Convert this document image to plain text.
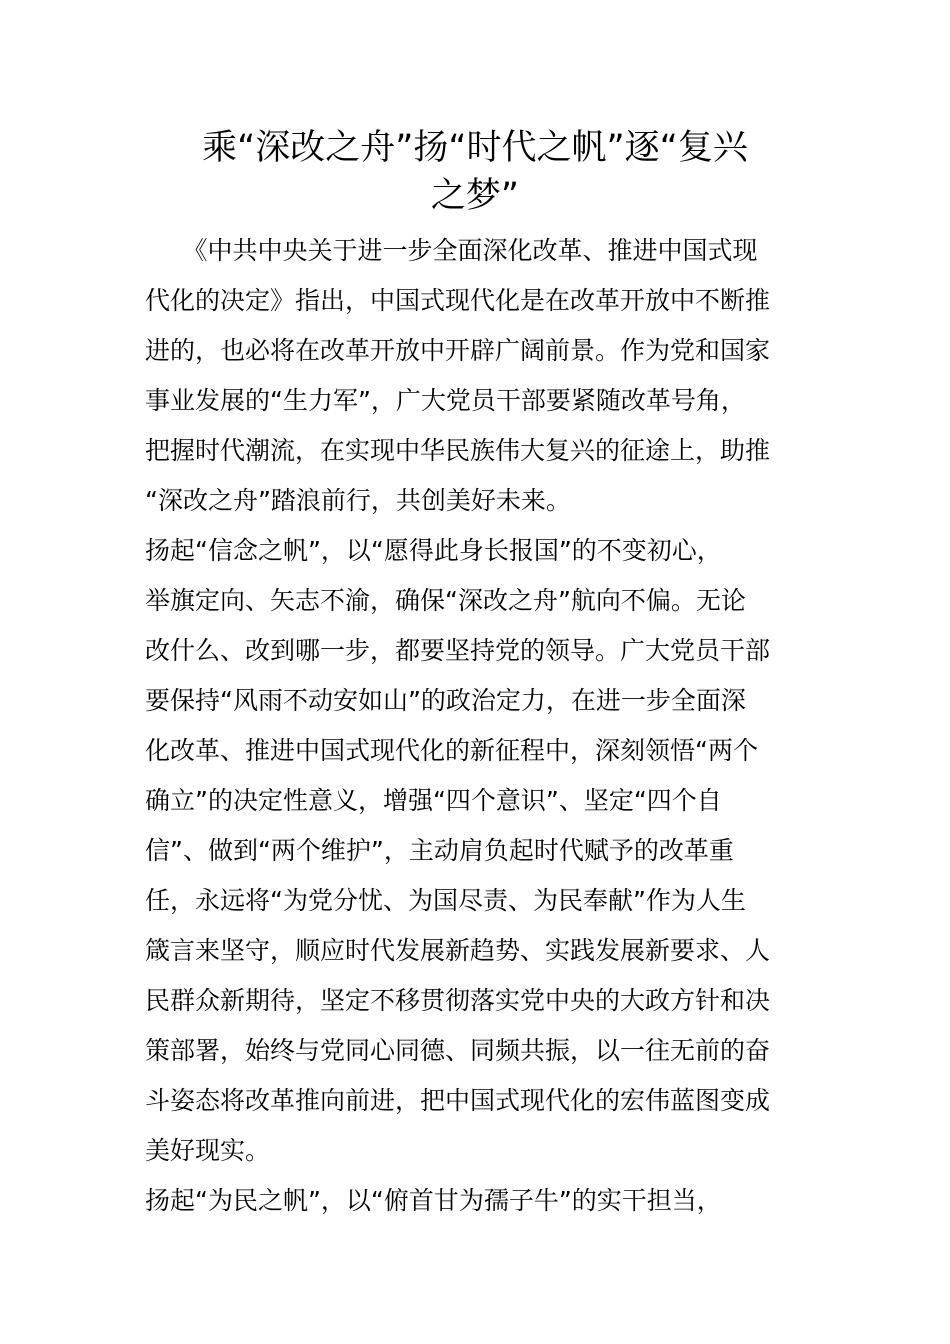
乘“深改之舟”扬“时代之帆”逐“复兴
之梦”
　　《中共中央关于进一步全面深化改革、推进中国式现
代化的决定》指出，中国式现代化是在改革开放中不断推
进的，也必将在改革开放中开辟广阔前景。作为党和国家
事业发展的“生力军”，广大党员干部要紧随改革号角，
把握时代潮流，在实现中华民族伟大复兴的征途上，助推
“深改之舟”踏浪前行，共创美好未来。
扬起“信念之帆”，以“愿得此身长报国”的不变初心，
举旗定向、矢志不渝，确保“深改之舟”航向不偏。无论
改什么、改到哪一步，都要坚持党的领导。广大党员干部
要保持“风雨不动安如山”的政治定力，在进一步全面深
化改革、推进中国式现代化的新征程中，深刻领悟“两个
确立”的决定性意义，增强“四个意识”、坚定“四个自
信”、做到“两个维护”，主动肩负起时代赋予的改革重
任，永远将“为党分忧、为国尽责、为民奉献”作为人生
箴言来坚守，顺应时代发展新趋势、实践发展新要求、人
民群众新期待，坚定不移贯彻落实党中央的大政方针和决
策部署，始终与党同心同德、同频共振，以一往无前的奋
斗姿态将改革推向前进，把中国式现代化的宏伟蓝图变成
美好现实。
扬起“为民之帆”，以“俯首甘为孺子牛”的实干担当，
